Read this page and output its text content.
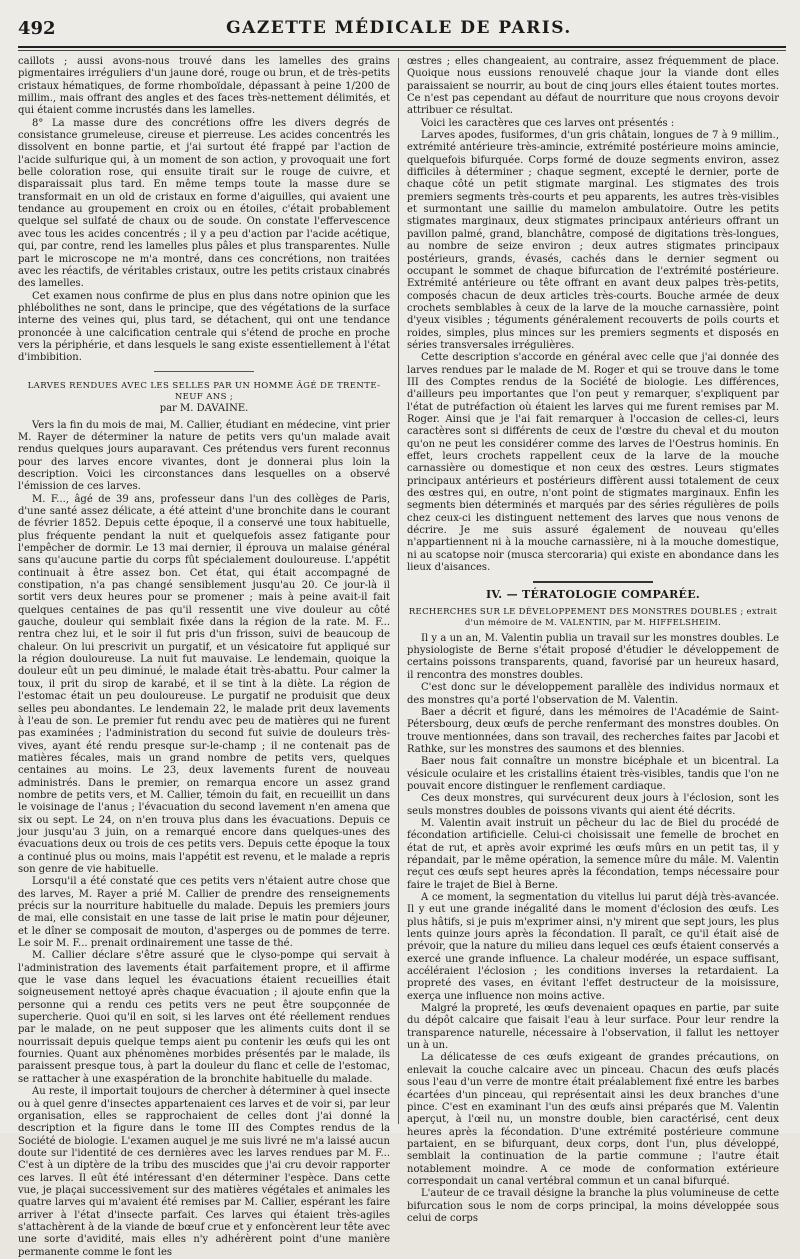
492	GAZETTE MÉDICALE DE PARIS.

caillots ; aussi avons-nous trouvé dans les lamelles des grains pigmentaires irréguliers d'un jaune doré, rouge ou brun, et de très-petits cristaux hématiques, de forme rhomboïdale, dépassant à peine 1/200 de millim., mais offrant des angles et des faces très-nettement délimités, et qui étaient comme incrustés dans les lamelles.

8° La masse dure des concrétions offre les divers degrés de consistance grumeleuse, cireuse et pierreuse. Les acides concentrés les dissolvent en bonne partie, et j'ai surtout été frappé par l'action de l'acide sulfurique qui, à un moment de son action, y provoquait une fort belle coloration rose, qui ensuite tirait sur le rouge de cuivre, et disparaissait plus tard. En même temps toute la masse dure se transformait en un old de cristaux en forme d'aiguilles, qui avaient une tendance au groupement en croix ou en étoiles, c'était probablement quelque sel sulfaté de chaux ou de soude. On constate l'effervescence avec tous les acides concentrés ; il y a peu d'action par l'acide acétique, qui, par contre, rend les lamelles plus pâles et plus transparentes. Nulle part le microscope ne m'a montré, dans ces concrétions, non traitées avec les réactifs, de véritables cristaux, outre les petits cristaux cinabrés des lamelles.

Cet examen nous confirme de plus en plus dans notre opinion que les phlébolithes ne sont, dans le principe, que des végétations de la surface interne des veines qui, plus tard, se détachent, qui ont une tendance prononcée à une calcification centrale qui s'étend de proche en proche vers la périphérie, et dans lesquels le sang existe essentiellement à l'état d'imbibition.

LARVES RENDUES AVEC LES SELLES PAR UN HOMME ÂGÉ DE TRENTE-NEUF ANS ;
par M. DAVAINE.

Vers la fin du mois de mai, M. Callier, étudiant en médecine, vint prier M. Rayer de déterminer la nature de petits vers qu'un malade avait rendus quelques jours auparavant. Ces prétendus vers furent reconnus pour des larves encore vivantes, dont je donnerai plus loin la description. Voici les circonstances dans lesquelles on a observé l'émission de ces larves.

M. F..., âgé de 39 ans, professeur dans l'un des collèges de Paris, d'une santé assez délicate, a été atteint d'une bronchite dans le courant de février 1852. Depuis cette époque, il a conservé une toux habituelle, plus fréquente pendant la nuit et quelquefois assez fatigante pour l'empêcher de dormir. Le 13 mai dernier, il éprouva un malaise général sans qu'aucune partie du corps fût spécialement douloureuse. L'appétit continuait à être assez bon. Cet état, qui était accompagné de constipation, n'a pas changé sensiblement jusqu'au 20. Ce jour-là il sortit vers deux heures pour se promener ; mais à peine avait-il fait quelques centaines de pas qu'il ressentit une vive douleur au côté gauche, douleur qui semblait fixée dans la région de la rate. M. F... rentra chez lui, et le soir il fut pris d'un frisson, suivi de beaucoup de chaleur. On lui prescrivit un purgatif, et un vésicatoire fut appliqué sur la région douloureuse. La nuit fut mauvaise. Le lendemain, quoique la douleur eût un peu diminué, le malade était très-abattu. Pour calmer la toux, il prit du sirop de karabé, et il se tint à la diète. La région de l'estomac était un peu douloureuse. Le purgatif ne produisit que deux selles peu abondantes. Le lendemain 22, le malade prit deux lavements à l'eau de son. Le premier fut rendu avec peu de matières qui ne furent pas examinées ; l'administration du second fut suivie de douleurs très-vives, ayant été rendu presque sur-le-champ ; il ne contenait pas de matières fécales, mais un grand nombre de petits vers, quelques centaines au moins. Le 23, deux lavements furent de nouveau administrés. Dans le premier, on remarqua encore un assez grand nombre de petits vers, et M. Callier, témoin du fait, en recueillit un dans le voisinage de l'anus ; l'évacuation du second lavement n'en amena que six ou sept. Le 24, on n'en trouva plus dans les évacuations. Depuis ce jour jusqu'au 3 juin, on a remarqué encore dans quelques-unes des évacuations deux ou trois de ces petits vers. Depuis cette époque la toux a continué plus ou moins, mais l'appétit est revenu, et le malade a repris son genre de vie habituelle.

Lorsqu'il a été constaté que ces petits vers n'étaient autre chose que des larves, M. Rayer a prié M. Callier de prendre des renseignements précis sur la nourriture habituelle du malade. Depuis les premiers jours de mai, elle consistait en une tasse de lait prise le matin pour déjeuner, et le dîner se composait de mouton, d'asperges ou de pommes de terre. Le soir M. F... prenait ordinairement une tasse de thé.

M. Callier déclare s'être assuré que le clyso-pompe qui servait à l'administration des lavements était parfaitement propre, et il affirme que le vase dans lequel les évacuations étaient recueillies était soigneusement nettoyé après chaque évacuation ; il ajoute enfin que la personne qui a rendu ces petits vers ne peut être soupçonnée de supercherie. Quoi qu'il en soit, si les larves ont été réellement rendues par le malade, on ne peut supposer que les aliments cuits dont il se nourrissait depuis quelque temps aient pu contenir les œufs qui les ont fournies. Quant aux phénomènes morbides présentés par le malade, ils paraissent presque tous, à part la douleur du flanc et celle de l'estomac, se rattacher à une exaspération de la bronchite habituelle du malade.

Au reste, il importait toujours de chercher à déterminer à quel insecte ou à quel genre d'insectes appartenaient ces larves et de voir si, par leur organisation, elles se rapprochaient de celles dont j'ai donné la description et la figure dans le tome III des Comptes rendus de la Société de biologie. L'examen auquel je me suis livré ne m'a laissé aucun doute sur l'identité de ces dernières avec les larves rendues par M. F... C'est à un diptère de la tribu des muscides que j'ai cru devoir rapporter ces larves. Il eût été intéressant d'en déterminer l'espèce. Dans cette vue, je plaçai successivement sur des matières végétales et animales les quatre larves qui m'avaient été remises par M. Callier, espérant les faire arriver à l'état d'insecte parfait. Ces larves qui étaient très-agiles s'attachèrent à de la viande de bœuf crue et y enfoncèrent leur tête avec une sorte d'avidité, mais elles n'y adhérèrent point d'une manière permanente comme le font les

œstres ; elles changeaient, au contraire, assez fréquemment de place. Quoique nous eussions renouvelé chaque jour la viande dont elles paraissaient se nourrir, au bout de cinq jours elles étaient toutes mortes. Ce n'est pas cependant au défaut de nourriture que nous croyons devoir attribuer ce résultat.

Voici les caractères que ces larves ont présentés :

Larves apodes, fusiformes, d'un gris châtain, longues de 7 à 9 millim., extrémité antérieure très-amincie, extrémité postérieure moins amincie, quelquefois bifurquée. Corps formé de douze segments environ, assez difficiles à déterminer ; chaque segment, excepté le dernier, porte de chaque côté un petit stigmate marginal. Les stigmates des trois premiers segments très-courts et peu apparents, les autres très-visibles et surmontant une saillie du mamelon ambulatoire. Outre les petits stigmates marginaux, deux stigmates principaux antérieurs offrant un pavillon palmé, grand, blanchâtre, composé de digitations très-longues, au nombre de seize environ ; deux autres stigmates principaux postérieurs, grands, évasés, cachés dans le dernier segment ou occupant le sommet de chaque bifurcation de l'extrémité postérieure. Extrémité antérieure ou tête offrant en avant deux palpes très-petits, composés chacun de deux articles très-courts. Bouche armée de deux crochets semblables à ceux de la larve de la mouche carnassière, point d'yeux visibles ; téguments généralement recouverts de poils courts et roides, simples, plus minces sur les premiers segments et disposés en séries transversales irrégulières.

Cette description s'accorde en général avec celle que j'ai donnée des larves rendues par le malade de M. Roger et qui se trouve dans le tome III des Comptes rendus de la Société de biologie. Les différences, d'ailleurs peu importantes que l'on peut y remarquer, s'expliquent par l'état de putréfaction où étaient les larves qui me furent remises par M. Roger. Ainsi que je l'ai fait remarquer à l'occasion de celles-ci, leurs caractères sont si différents de ceux de l'œstre du cheval et du mouton qu'on ne peut les considérer comme des larves de l'Oestrus hominis. En effet, leurs crochets rappellent ceux de la larve de la mouche carnassière ou domestique et non ceux des œstres. Leurs stigmates principaux antérieurs et postérieurs diffèrent aussi totalement de ceux des œstres qui, en outre, n'ont point de stigmates marginaux. Enfin les segments bien déterminés et marqués par des séries régulières de poils chez ceux-ci les distinguent nettement des larves que nous venons de décrire. Je me suis assuré également de nouveau qu'elles n'appartiennent ni à la mouche carnassière, ni à la mouche domestique, ni au scatopse noir (musca stercoraria) qui existe en abondance dans les lieux d'aisances.

IV. — TÉRATOLOGIE COMPARÉE.
RECHERCHES SUR LE DÉVELOPPEMENT DES MONSTRES DOUBLES ; extrait d'un mémoire de M. VALENTIN, par M. HIFFELSHEIM.

Il y a un an, M. Valentin publia un travail sur les monstres doubles. Le physiologiste de Berne s'était proposé d'étudier le développement de certains poissons transparents, quand, favorisé par un heureux hasard, il rencontra des monstres doubles.

C'est donc sur le développement parallèle des individus normaux et des monstres qu'a porté l'observation de M. Valentin.

Baer a décrit et figuré, dans les mémoires de l'Académie de Saint-Pétersbourg, deux œufs de perche renfermant des monstres doubles. On trouve mentionnées, dans son travail, des recherches faites par Jacobi et Rathke, sur les monstres des saumons et des blennies.

Baer nous fait connaître un monstre bicéphale et un bicentral. La vésicule oculaire et les cristallins étaient très-visibles, tandis que l'on ne pouvait encore distinguer le renflement cardiaque.

Ces deux monstres, qui survécurent deux jours à l'éclosion, sont les seuls monstres doubles de poissons vivants qui aient été décrits.

M. Valentin avait instruit un pêcheur du lac de Biel du procédé de fécondation artificielle. Celui-ci choisissait une femelle de brochet en état de rut, et après avoir exprimé les œufs mûrs en un petit tas, il y répandait, par le même opération, la semence mûre du mâle. M. Valentin reçut ces œufs sept heures après la fécondation, temps nécessaire pour faire le trajet de Biel à Berne.

A ce moment, la segmentation du vitellus lui parut déjà très-avancée. Il y eut une grande inégalité dans le moment d'éclosion des œufs. Les plus hâtifs, si je puis m'exprimer ainsi, n'y mirent que sept jours, les plus lents quinze jours après la fécondation. Il paraît, ce qu'il était aisé de prévoir, que la nature du milieu dans lequel ces œufs étaient conservés a exercé une grande influence. La chaleur modérée, un espace suffisant, accéléraient l'éclosion ; les conditions inverses la retardaient. La propreté des vases, en évitant l'effet destructeur de la moisissure, exerça une influence non moins active.

Malgré la propreté, les œufs devenaient opaques en partie, par suite du dépôt calcaire que faisait l'eau à leur surface. Pour leur rendre la transparence naturelle, nécessaire à l'observation, il fallut les nettoyer un à un.

La délicatesse de ces œufs exigeant de grandes précautions, on enlevait la couche calcaire avec un pinceau. Chacun des œufs placés sous l'eau d'un verre de montre était préalablement fixé entre les barbes écartées d'un pinceau, qui représentait ainsi les deux branches d'une pince. C'est en examinant l'un des œufs ainsi préparés que M. Valentin aperçut, à l'œil nu, un monstre double, bien caractérisé, cent deux heures après la fécondation. D'une extrémité postérieure commune partaient, en se bifurquant, deux corps, dont l'un, plus développé, semblait la continuation de la partie commune ; l'autre était notablement moindre. A ce mode de conformation extérieure correspondait un canal vertébral commun et un canal bifurqué.

L'auteur de ce travail désigne la branche la plus volumineuse de cette bifurcation sous le nom de corps principal, la moins développée sous celui de corps
